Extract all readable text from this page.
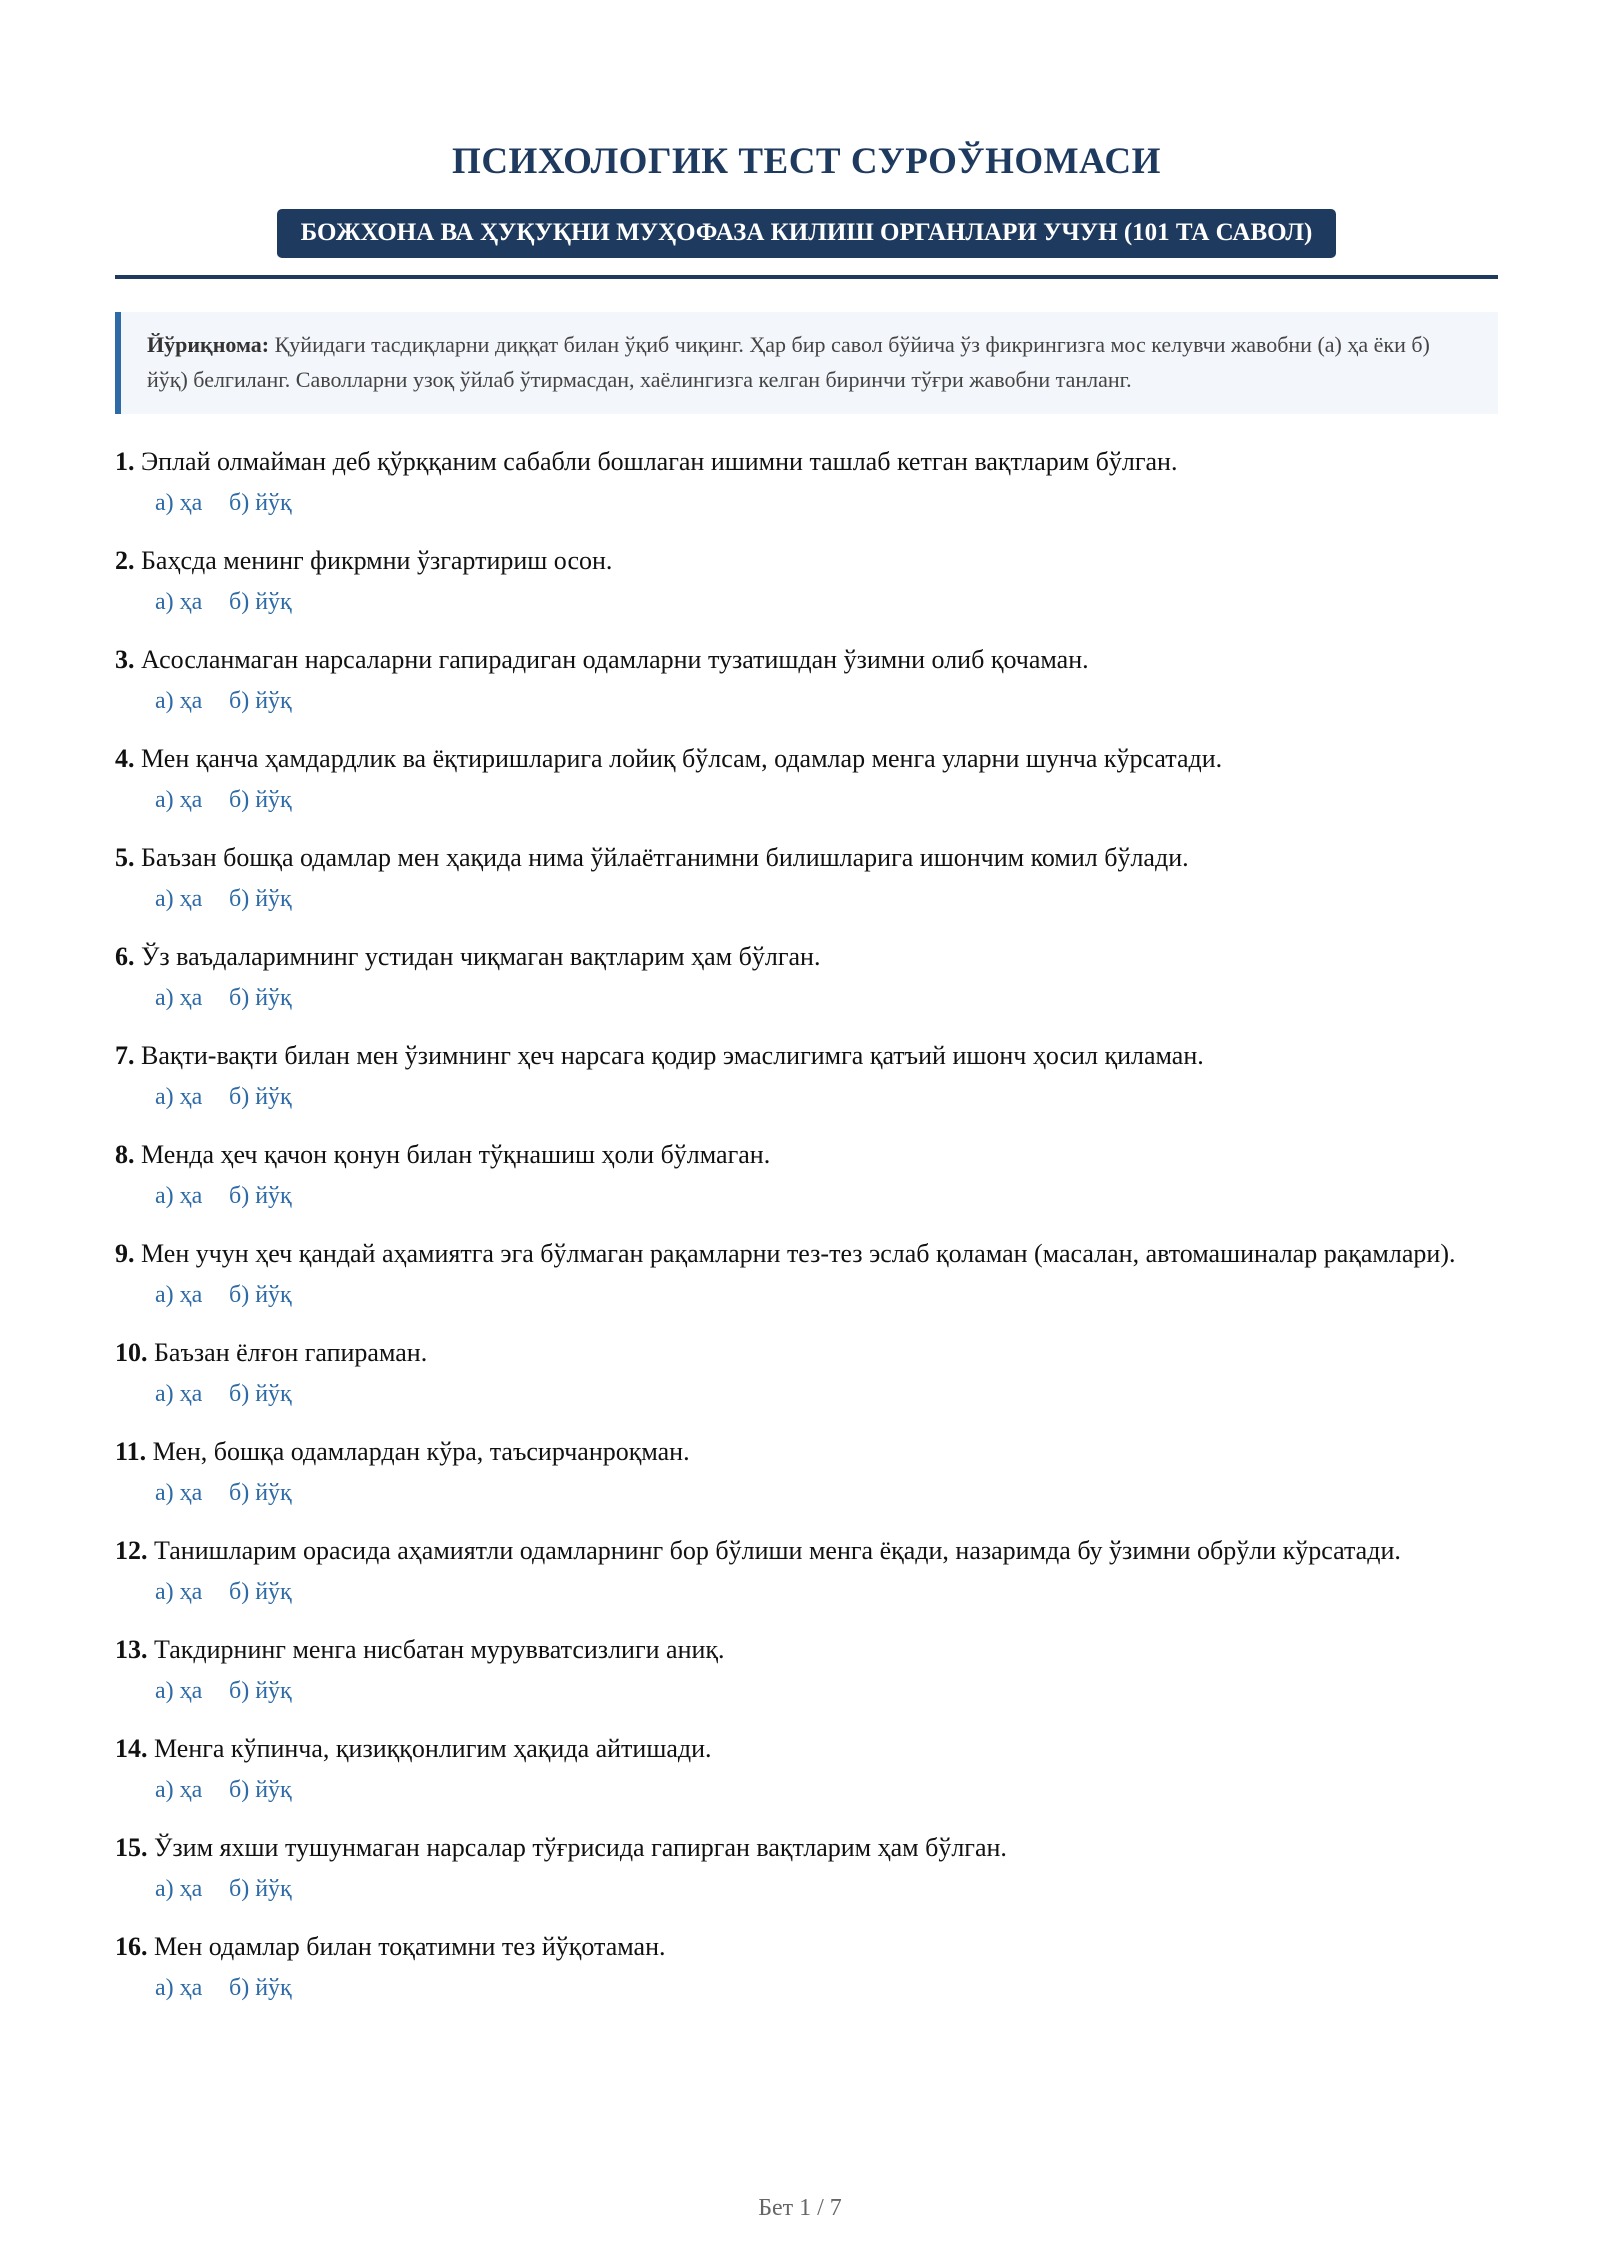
ПСИХОЛОГИК ТЕСТ СУРОЎНОМАСИ
БОЖХОНА ВА ҲУҚУҚНИ МУҲОФАЗА КИЛИШ ОРГАНЛАРИ УЧУН (101 ТА САВОЛ)
Йўриқнома: Қуйидаги тасдиқларни диққат билан ўқиб чиқинг. Ҳар бир савол бўйича ўз фикрингизга мос келувчи жавобни (а) ҳа ёки б) йўқ) белгиланг. Саволларни узоқ ўйлаб ўтирмасдан, хаёлингизга келган биринчи тўғри жавобни танланг.
1. Эплай олмайман деб қўрққаним сабабли бошлаган ишимни ташлаб кетган вақтларим бўлган.
а) ҳа б) йўқ
2. Баҳсда менинг фикрмни ўзгартириш осон.
а) ҳа б) йўқ
3. Асосланмаган нарсаларни гапирадиган одамларни тузатишдан ўзимни олиб қочаман.
а) ҳа б) йўқ
4. Мен қанча ҳамдардлик ва ёқтиришларига лойиқ бўлсам, одамлар менга уларни шунча кўрсатади.
а) ҳа б) йўқ
5. Баъзан бошқа одамлар мен ҳақида нима ўйлаётганимни билишларига ишончим комил бўлади.
а) ҳа б) йўқ
6. Ўз ваъдаларимнинг устидан чиқмаган вақтларим ҳам бўлган.
а) ҳа б) йўқ
7. Вақти-вақти билан мен ўзимнинг ҳеч нарсага қодир эмаслигимга қатъий ишонч ҳосил қиламан.
а) ҳа б) йўқ
8. Менда ҳеч қачон қонун билан тўқнашиш ҳоли бўлмаган.
а) ҳа б) йўқ
9. Мен учун ҳеч қандай аҳамиятга эга бўлмаган рақамларни тез-тез эслаб қоламан (масалан, автомашиналар рақамлари).
а) ҳа б) йўқ
10. Баъзан ёлғон гапираман.
а) ҳа б) йўқ
11. Мен, бошқа одамлардан кўра, таъсирчанроқман.
а) ҳа б) йўқ
12. Танишларим орасида аҳамиятли одамларнинг бор бўлиши менга ёқади, назаримда бу ўзимни обрўли кўрсатади.
а) ҳа б) йўқ
13. Такдирнинг менга нисбатан мурувватсизлиги аниқ.
а) ҳа б) йўқ
14. Менга кўпинча, қизиққонлигим ҳақида айтишади.
а) ҳа б) йўқ
15. Ўзим яхши тушунмаган нарсалар тўғрисида гапирган вақтларим ҳам бўлган.
а) ҳа б) йўқ
16. Мен одамлар билан тоқатимни тез йўқотаман.
а) ҳа б) йўқ
Бет 1 / 7
